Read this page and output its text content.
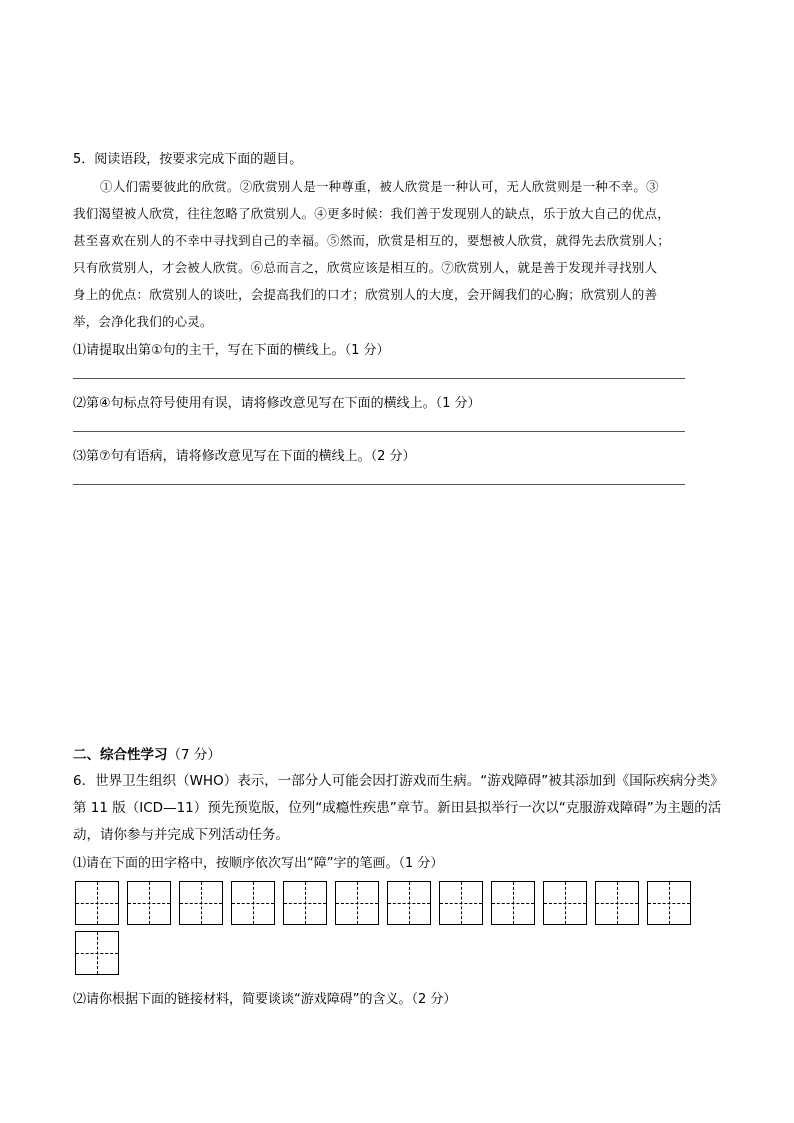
5．阅读语段，按要求完成下面的题目。
①人们需要彼此的欣赏。②欣赏别人是一种尊重，被人欣赏是一种认可，无人欣赏则是一种不幸。③
我们渴望被人欣赏，往往忽略了欣赏别人。④更多时候：我们善于发现别人的缺点，乐于放大自己的优点，
甚至喜欢在别人的不幸中寻找到自己的幸福。⑤然而，欣赏是相互的，要想被人欣赏，就得先去欣赏别人；
只有欣赏别人，才会被人欣赏。⑥总而言之，欣赏应该是相互的。⑦欣赏别人，就是善于发现并寻找别人
身上的优点：欣赏别人的谈吐，会提高我们的口才；欣赏别人的大度，会开阔我们的心胸；欣赏别人的善
举，会净化我们的心灵。
⑴请提取出第①句的主干，写在下面的横线上。（1 分）
⑵第④句标点符号使用有误，请将修改意见写在下面的横线上。（1 分）
⑶第⑦句有语病，请将修改意见写在下面的横线上。（2 分）
二、综合性学习（7 分）
6．世界卫生组织（WHO）表示，一部分人可能会因打游戏而生病。“游戏障碍”被其添加到《国际疾病分类》
第 11 版（ICD—11）预先预览版，位列“成瘾性疾患”章节。新田县拟举行一次以“克服游戏障碍”为主题的活
动，请你参与并完成下列活动任务。
⑴请在下面的田字格中，按顺序依次写出“障”字的笔画。（1 分）
⑵请你根据下面的链接材料，简要谈谈“游戏障碍”的含义。（2 分）
